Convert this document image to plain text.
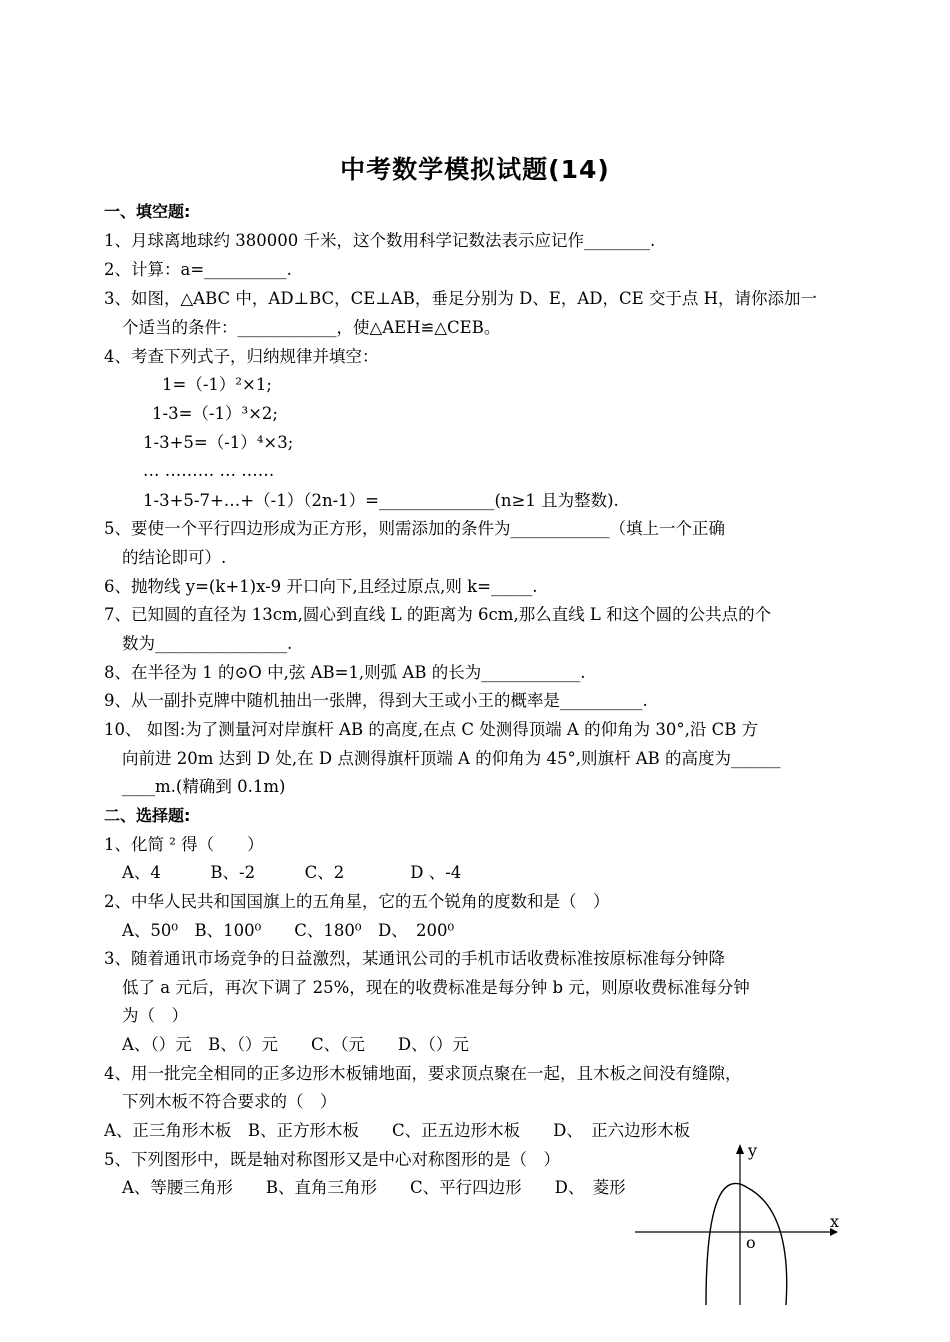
中考数学模拟试题(14)
一、填空题:
1、月球离地球约 380000 千米，这个数用科学记数法表示应记作________.
2、计算：a=__________.
3、如图，△ABC 中，AD⊥BC，CE⊥AB，垂足分别为 D、E，AD，CE 交于点 H，请你添加一
个适当的条件：____________，使△AEH≌△CEB。
4、考查下列式子，归纳规律并填空：
1=（-1）²×1;
1-3=（-1）³×2;
1-3+5=（-1）⁴×3;
… ……… … ……
1-3+5-7+…+（-1）（2n-1）=______________(n≥1 且为整数).
5、要使一个平行四边形成为正方形，则需添加的条件为____________（填上一个正确
的结论即可）.
6、抛物线 y=(k+1)x-9 开口向下,且经过原点,则 k=_____.
7、已知圆的直径为 13cm,圆心到直线 L 的距离为 6cm,那么直线 L 和这个圆的公共点的个
数为________________.
8、在半径为 1 的⊙O 中,弦 AB=1,则弧 AB 的长为____________.
9、从一副扑克牌中随机抽出一张牌，得到大王或小王的概率是__________.
10、 如图:为了测量河对岸旗杆 AB 的高度,在点 C 处测得顶端 A 的仰角为 30°,沿 CB 方
向前进 20m 达到 D 处,在 D 点测得旗杆顶端 A 的仰角为 45°,则旗杆 AB 的高度为______
____m.(精确到 0.1m)
二、选择题:
1、化简 ² 得（　　）
A、4　　　B、-2　　　C、2　　　　D 、-4
2、中华人民共和国国旗上的五角星，它的五个锐角的度数和是（　）
A、50⁰　B、100⁰　　C、180⁰　D、　200⁰
3、随着通讯市场竞争的日益激烈，某通讯公司的手机市话收费标准按原标准每分钟降
低了 a 元后，再次下调了 25%，现在的收费标准是每分钟 b 元，则原收费标准每分钟
为（　）
A、（）元　B、（）元　　C、（元　　D、（）元
4、用一批完全相同的正多边形木板铺地面，要求顶点聚在一起，且木板之间没有缝隙，
下列木板不符合要求的（　）
A、正三角形木板　B、正方形木板　　C、正五边形木板　　D、　正六边形木板
5、下列图形中，既是轴对称图形又是中心对称图形的是（　）
A、等腰三角形　　B、直角三角形　　C、平行四边形　　D、　菱形
y
x
o
